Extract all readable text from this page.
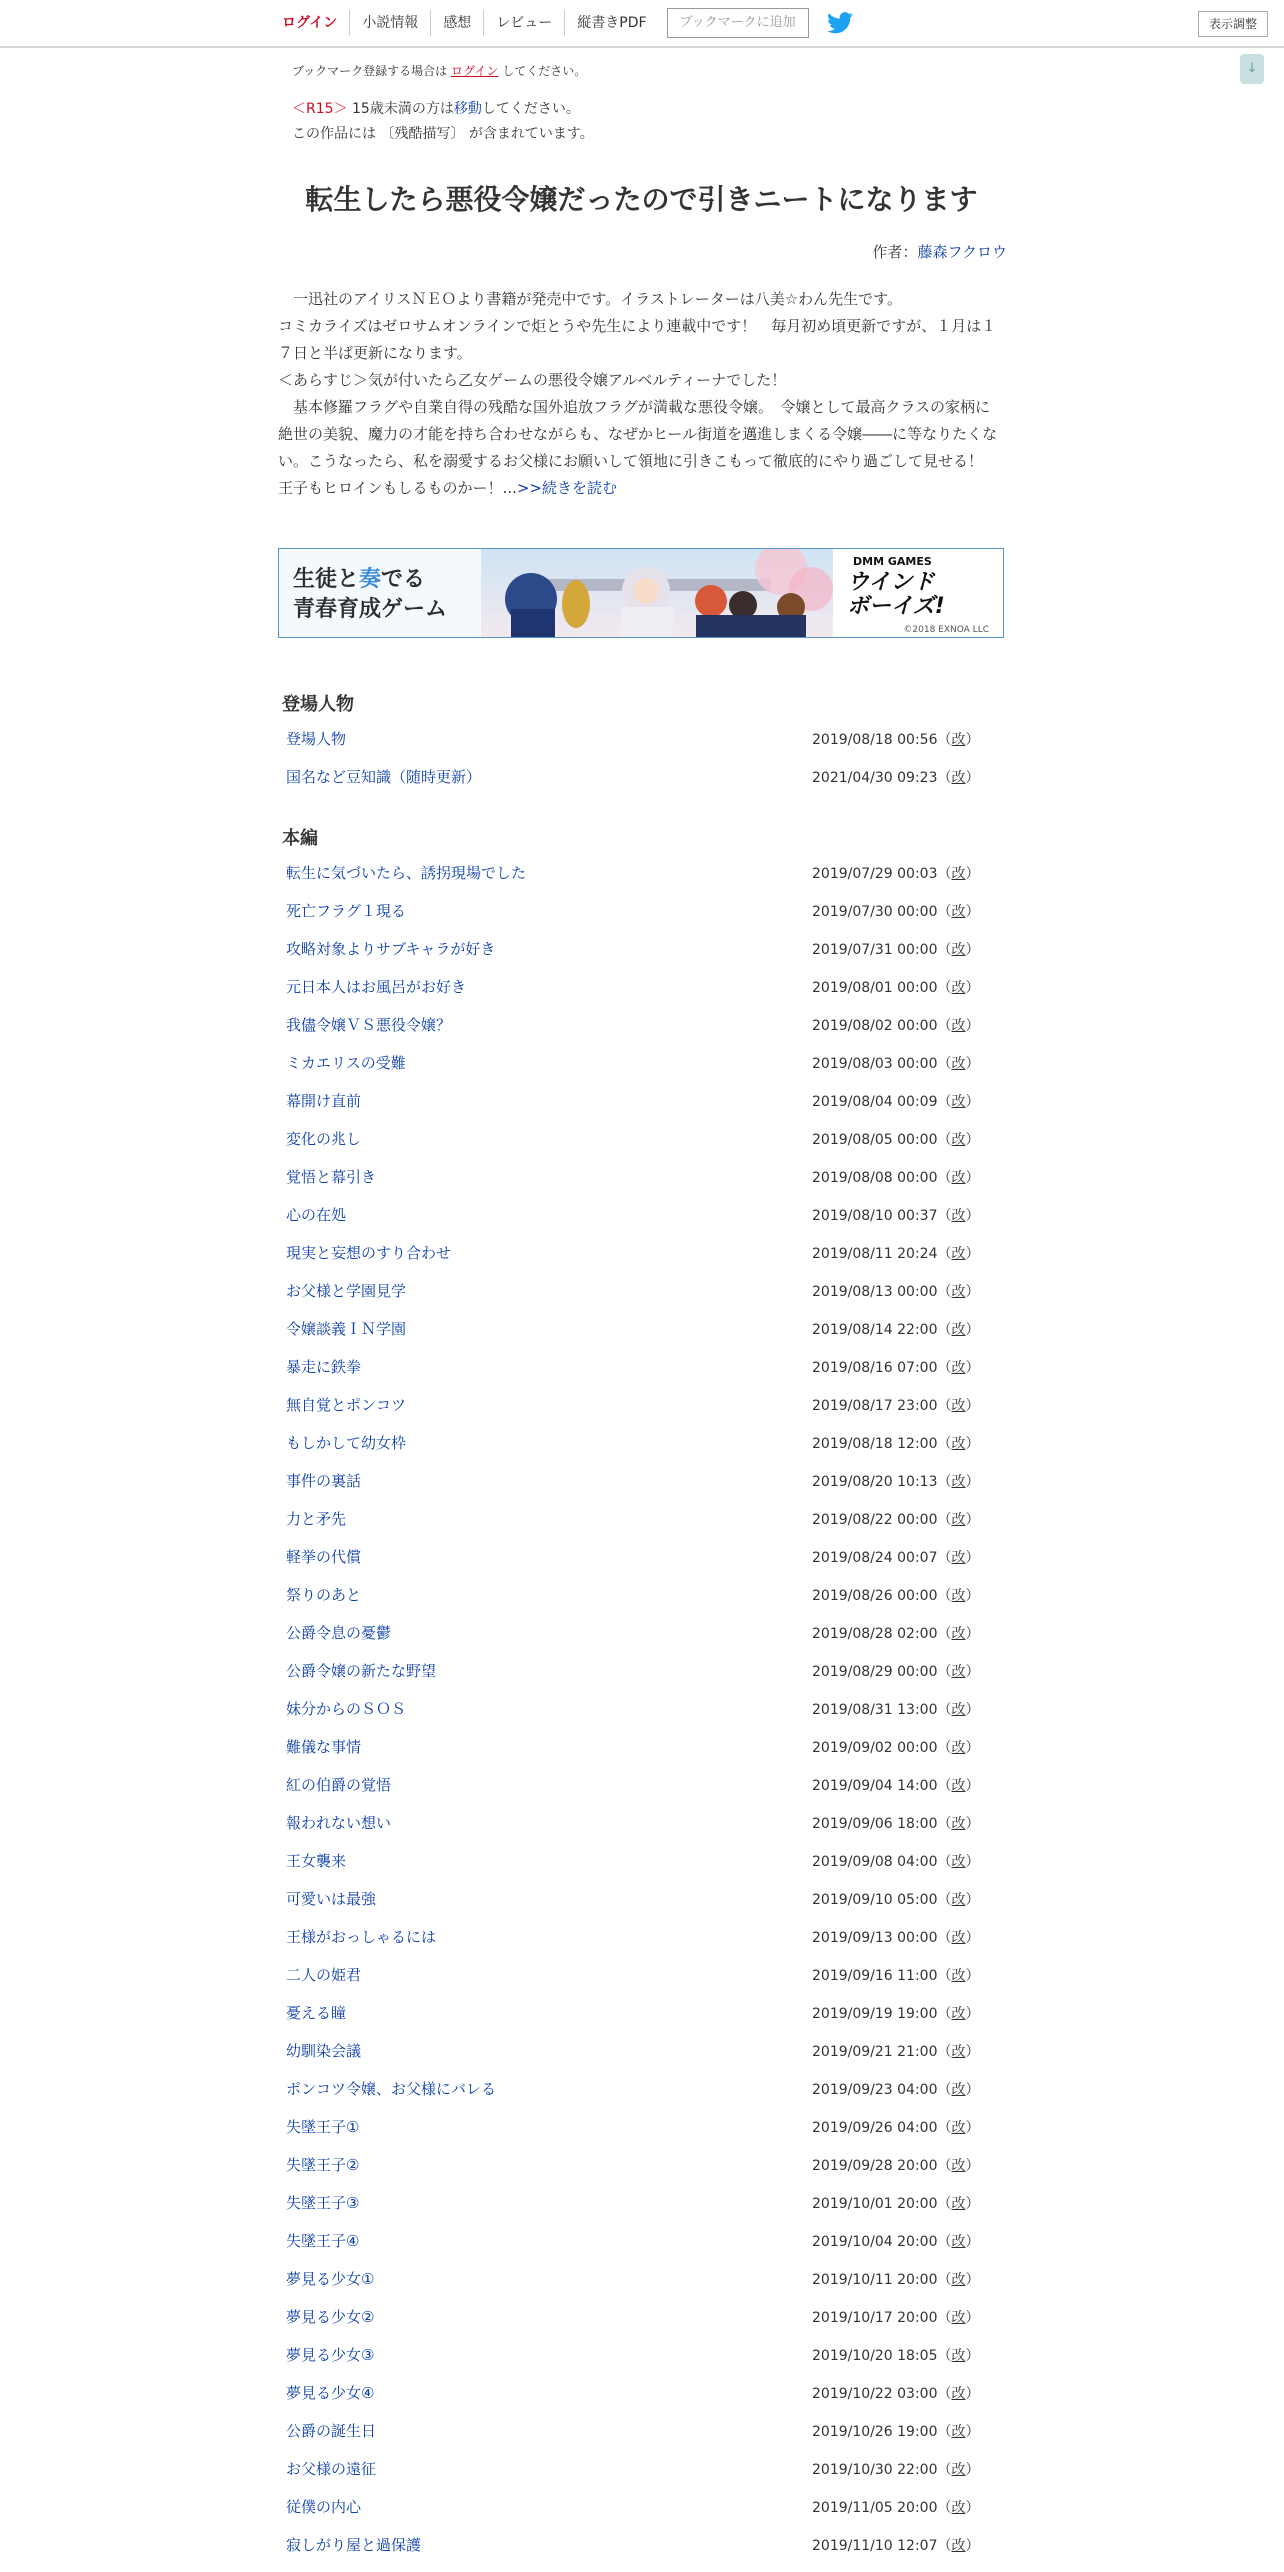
ログイン	小説情報	感想	レビュー	縦書きPDF	ブックマークに追加	表示調整
↓
ブックマーク登録する場合は ログイン してください。
＜R15＞ 15歳未満の方は移動してください。
この作品には 〔残酷描写〕 が含まれています。
転生したら悪役令嬢だったので引きニートになります
作者：藤森フクロウ

　一迅社のアイリスＮＥＯより書籍が発売中です。イラストレーターは八美☆わん先生です。

コミカライズはゼロサムオンラインで炬とうや先生により連載中です！　毎月初め頃更新ですが、１月は１

７日と半ば更新になります。

＜あらすじ＞気が付いたら乙女ゲームの悪役令嬢アルベルティーナでした！

　基本修羅フラグや自業自得の残酷な国外追放フラグが満載な悪役令嬢。　令嬢として最高クラスの家柄に

絶世の美貌、魔力の才能を持ち合わせながらも、なぜかヒール街道を邁進しまくる令嬢――に等なりたくな

い。こうなったら、私を溺愛するお父様にお願いして領地に引きこもって徹底的にやり過ごして見せる！

王子もヒロインもしるものかー！...>>続きを読む

生徒と奏でる
青春育成ゲーム
DMM GAMES
ウインド
ボーイズ!
©2018 EXNOA LLC
登場人物
登場人物	2019/08/18 00:56（改）
国名など豆知識（随時更新）	2021/04/30 09:23（改）
本編
転生に気づいたら、誘拐現場でした	2019/07/29 00:03（改）
死亡フラグ１現る	2019/07/30 00:00（改）
攻略対象よりサブキャラが好き	2019/07/31 00:00（改）
元日本人はお風呂がお好き	2019/08/01 00:00（改）
我儘令嬢ＶＳ悪役令嬢？	2019/08/02 00:00（改）
ミカエリスの受難	2019/08/03 00:00（改）
幕開け直前	2019/08/04 00:09（改）
変化の兆し	2019/08/05 00:00（改）
覚悟と幕引き	2019/08/08 00:00（改）
心の在処	2019/08/10 00:37（改）
現実と妄想のすり合わせ	2019/08/11 20:24（改）
お父様と学園見学	2019/08/13 00:00（改）
令嬢談義ＩＮ学園	2019/08/14 22:00（改）
暴走に鉄拳	2019/08/16 07:00（改）
無自覚とポンコツ	2019/08/17 23:00（改）
もしかして幼女枠	2019/08/18 12:00（改）
事件の裏話	2019/08/20 10:13（改）
力と矛先	2019/08/22 00:00（改）
軽挙の代償	2019/08/24 00:07（改）
祭りのあと	2019/08/26 00:00（改）
公爵令息の憂鬱	2019/08/28 02:00（改）
公爵令嬢の新たな野望	2019/08/29 00:00（改）
妹分からのＳＯＳ	2019/08/31 13:00（改）
難儀な事情	2019/09/02 00:00（改）
紅の伯爵の覚悟	2019/09/04 14:00（改）
報われない想い	2019/09/06 18:00（改）
王女襲来	2019/09/08 04:00（改）
可愛いは最強	2019/09/10 05:00（改）
王様がおっしゃるには	2019/09/13 00:00（改）
二人の姫君	2019/09/16 11:00（改）
憂える瞳	2019/09/19 19:00（改）
幼馴染会議	2019/09/21 21:00（改）
ポンコツ令嬢、お父様にバレる	2019/09/23 04:00（改）
失墜王子①	2019/09/26 04:00（改）
失墜王子②	2019/09/28 20:00（改）
失墜王子③	2019/10/01 20:00（改）
失墜王子④	2019/10/04 20:00（改）
夢見る少女①	2019/10/11 20:00（改）
夢見る少女②	2019/10/17 20:00（改）
夢見る少女③	2019/10/20 18:05（改）
夢見る少女④	2019/10/22 03:00（改）
公爵の誕生日	2019/10/26 19:00（改）
お父様の遠征	2019/10/30 22:00（改）
従僕の内心	2019/11/05 20:00（改）
寂しがり屋と過保護	2019/11/10 12:07（改）
